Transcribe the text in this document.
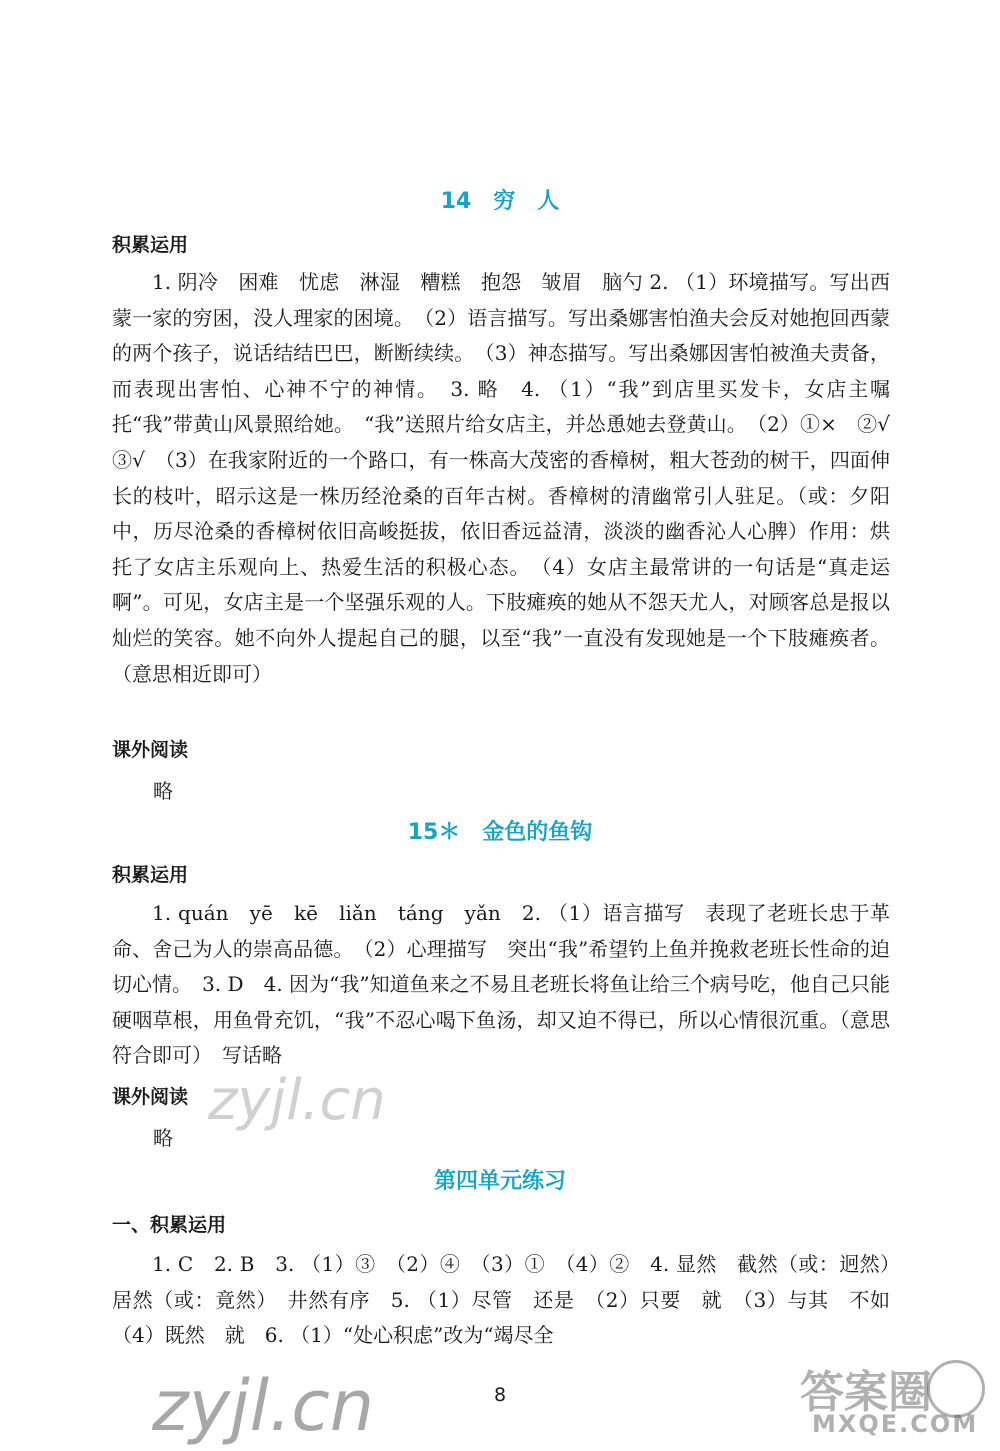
14　穷　人
积累运用

1. 阴冷　困难　忧虑　淋湿　糟糕　抱怨　皱眉　脑勺 2. （1）环境描写。写出西蒙一家的穷困，没人理家的困境。　（2）语言描写。写出桑娜害怕渔夫会反对她抱回西蒙的两个孩子，说话结结巴巴，断断续续。　（3）神态描写。写出桑娜因害怕被渔夫责备，而表现出害怕、心神不宁的神情。　3. 略　4. （1）“我”到店里买发卡，女店主嘱托“我”带黄山风景照给她。　“我”送照片给女店主，并怂恿她去登黄山。　（2）①×　②√　③√　（3）在我家附近的一个路口，有一株高大茂密的香樟树，粗大苍劲的树干，四面伸长的枝叶，昭示这是一株历经沧桑的百年古树。香樟树的清幽常引人驻足。（或：夕阳中，历尽沧桑的香樟树依旧高峻挺拔，依旧香远益清，淡淡的幽香沁人心脾）作用：烘托了女店主乐观向上、热爱生活的积极心态。　（4）女店主最常讲的一句话是“真走运啊”。可见，女店主是一个坚强乐观的人。下肢瘫痪的她从不怨天尤人，对顾客总是报以灿烂的笑容。她不向外人提起自己的腿，以至“我”一直没有发现她是一个下肢瘫痪者。（意思相近即可）

课外阅读
略
15＊　金色的鱼钩
积累运用

1. quán　yē　kē　liǎn　táng　yǎn　2. （1）语言描写　表现了老班长忠于革命、舍己为人的崇高品德。　（2）心理描写　突出“我”希望钓上鱼并挽救老班长性命的迫切心情。　3. D　4. 因为“我”知道鱼来之不易且老班长将鱼让给三个病号吃，他自己只能硬咽草根，用鱼骨充饥，“我”不忍心喝下鱼汤，却又迫不得已，所以心情很沉重。（意思符合即可）　写话略

课外阅读
略
第四单元练习
一、积累运用

1. C　2. B　3. （1）③　（2）④　（3）①　（4）②　4. 显然　截然（或：迥然）　居然（或：竟然）　井然有序　5. （1）尽管　还是　（2）只要　就　（3）与其　不如　（4）既然　就　6. （1）“处心积虑”改为“竭尽全

8
zyjl.cn
zyjl.cn	答案圈
MXQE.COM
